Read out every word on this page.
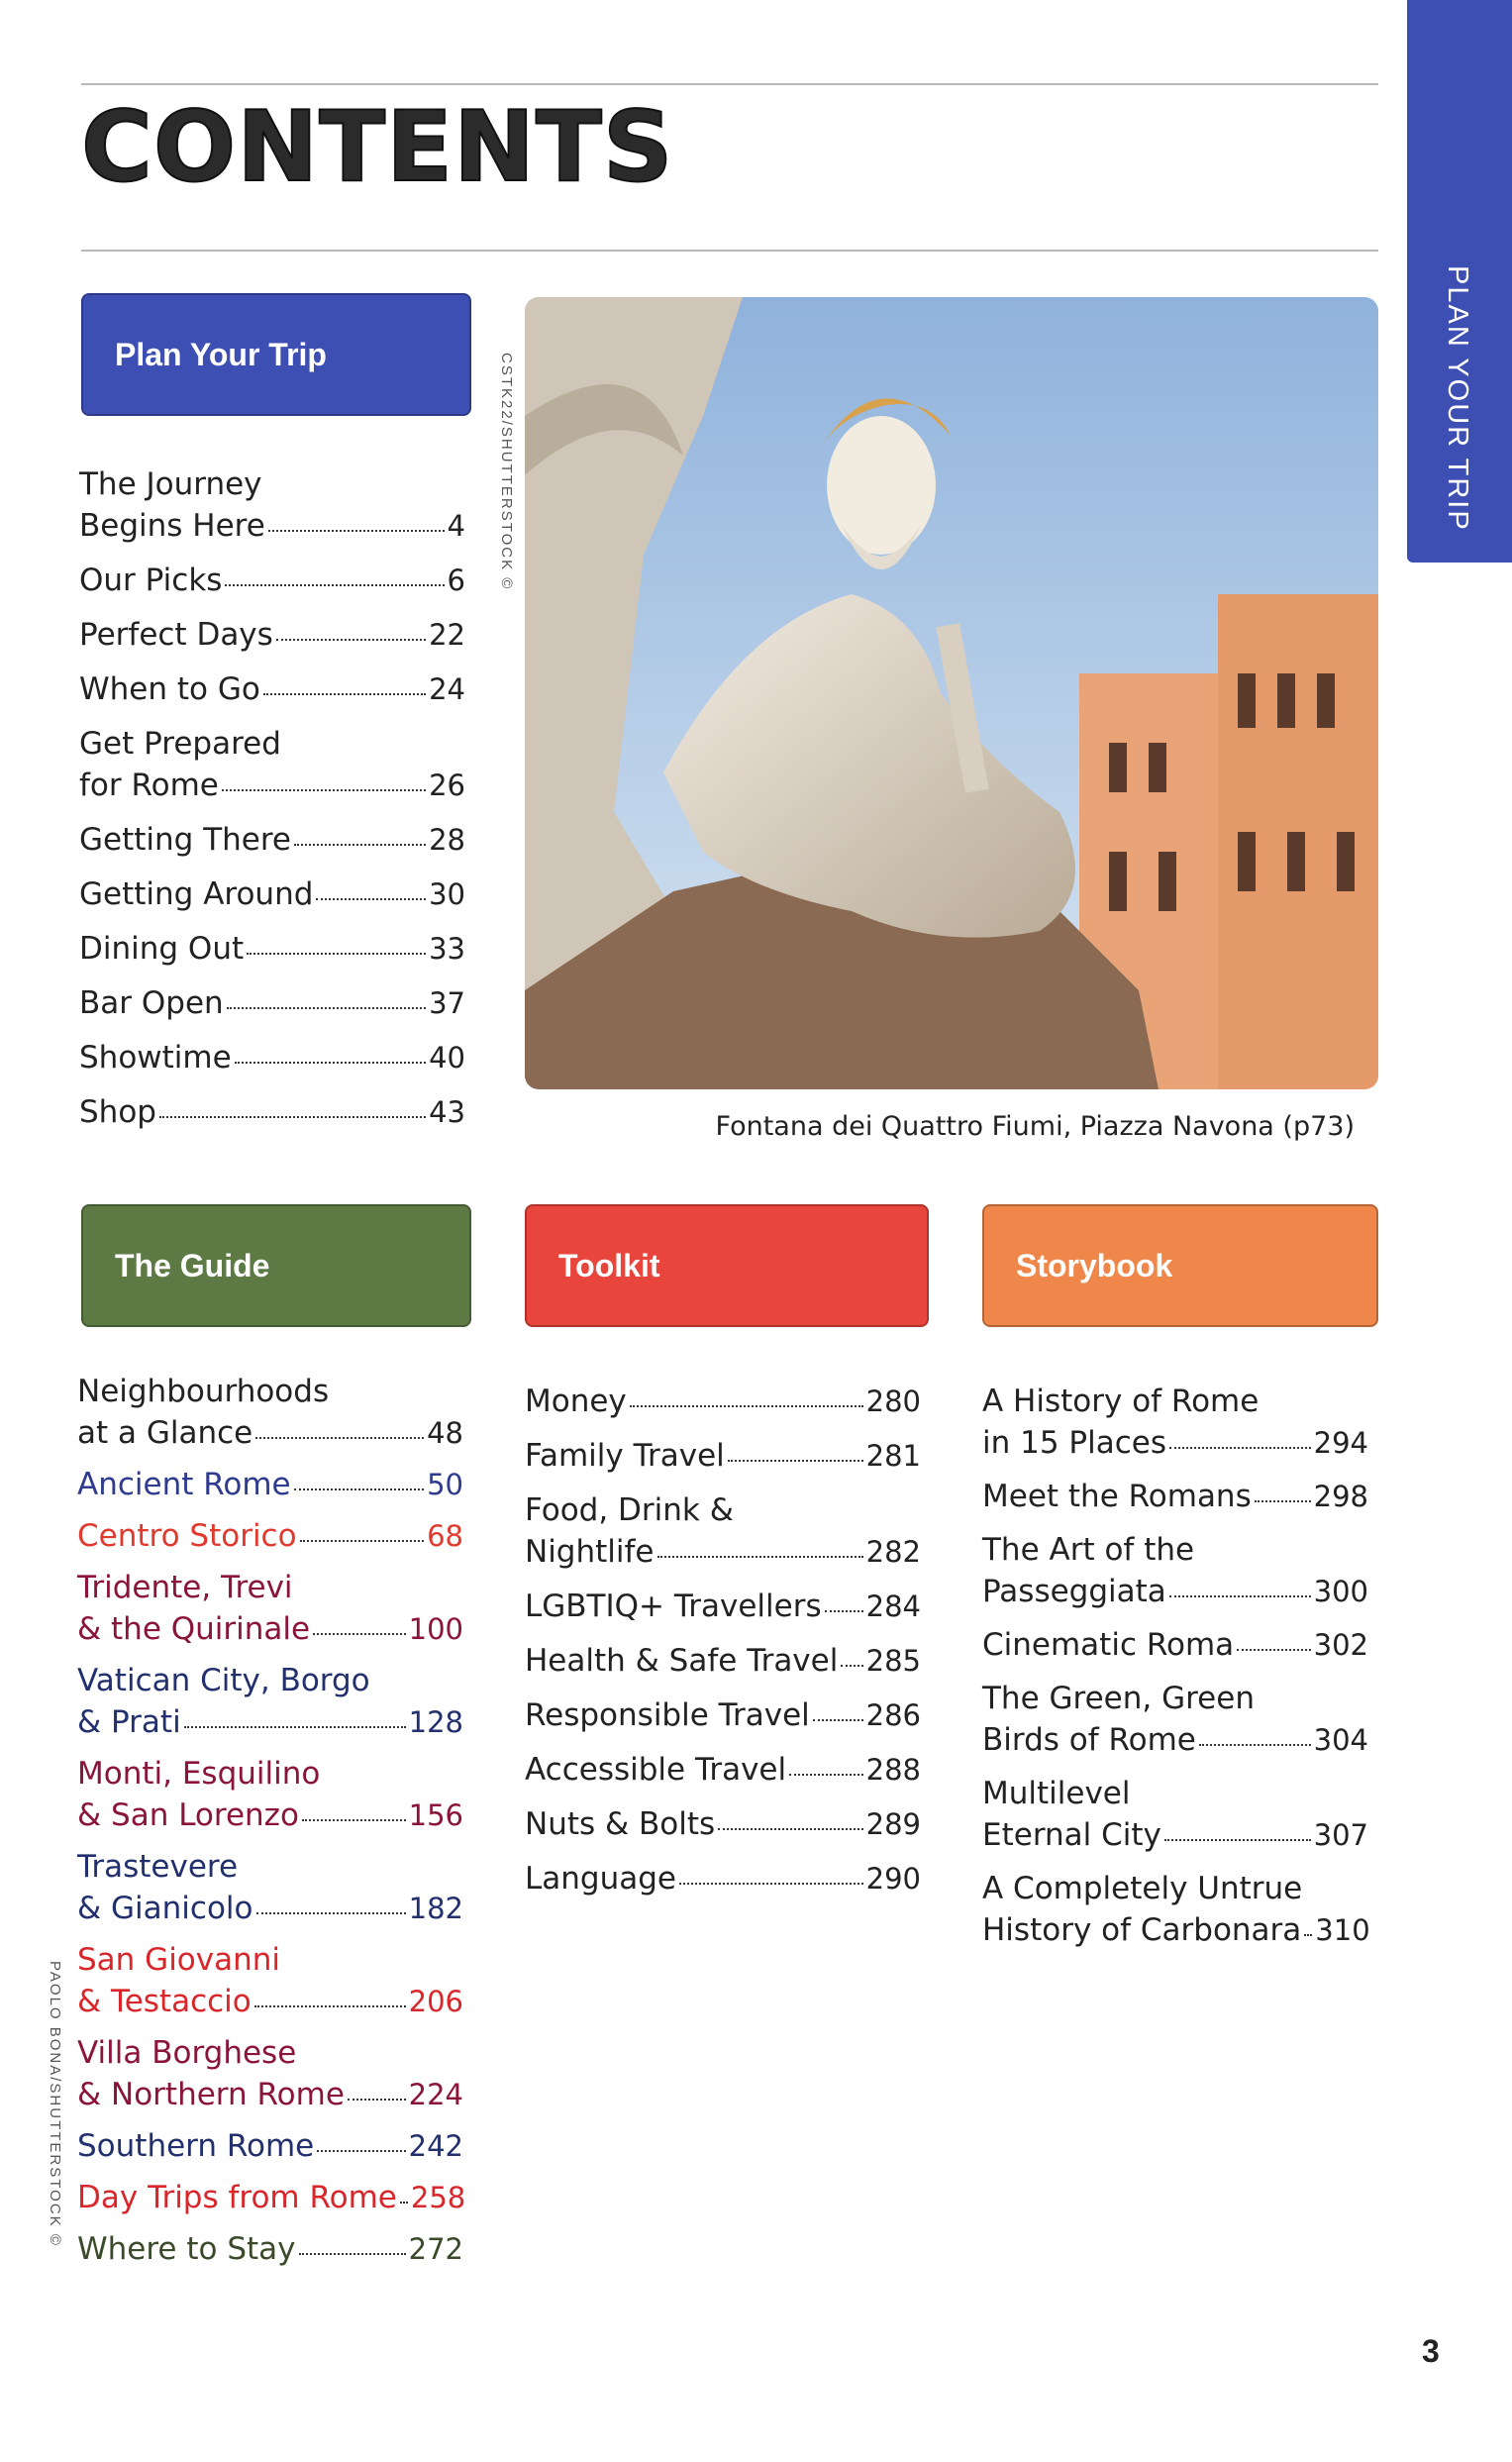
CONTENTS
PLAN YOUR TRIP
Plan Your Trip
The Journey
Begins Here	4
Our Picks	6
Perfect Days	22
When to Go	24
Get Prepared
for Rome	26
Getting There	28
Getting Around	30
Dining Out	33
Bar Open	37
Showtime	40
Shop	43
CSTK22/SHUTTERSTOCK ©
Fontana dei Quattro Fiumi, Piazza Navona (p73)
The Guide
Neighbourhoods
at a Glance	48
Ancient Rome	50
Centro Storico	68
Tridente, Trevi
& the Quirinale	100
Vatican City, Borgo
& Prati	128
Monti, Esquilino
& San Lorenzo	156
Trastevere
& Gianicolo	182
San Giovanni
& Testaccio	206
Villa Borghese
& Northern Rome 224
Southern Rome	242
Day Trips from Rome 258
Where to Stay	272
PAOLO BONA/SHUTTERSTOCK ©
Toolkit
Money	280
Family Travel	281
Food, Drink &
Nightlife	282
LGBTIQ+ Travellers 284
Health & Safe Travel 285
Responsible Travel 286
Accessible Travel	288
Nuts & Bolts	289
Language	290
Storybook
A History of Rome
in 15 Places	294
Meet the Romans 298
The Art of the
Passeggiata	300
Cinematic Roma	302
The Green, Green
Birds of Rome	304
Multilevel
Eternal City	307
A Completely Untrue
History of Carbonara 310
3
